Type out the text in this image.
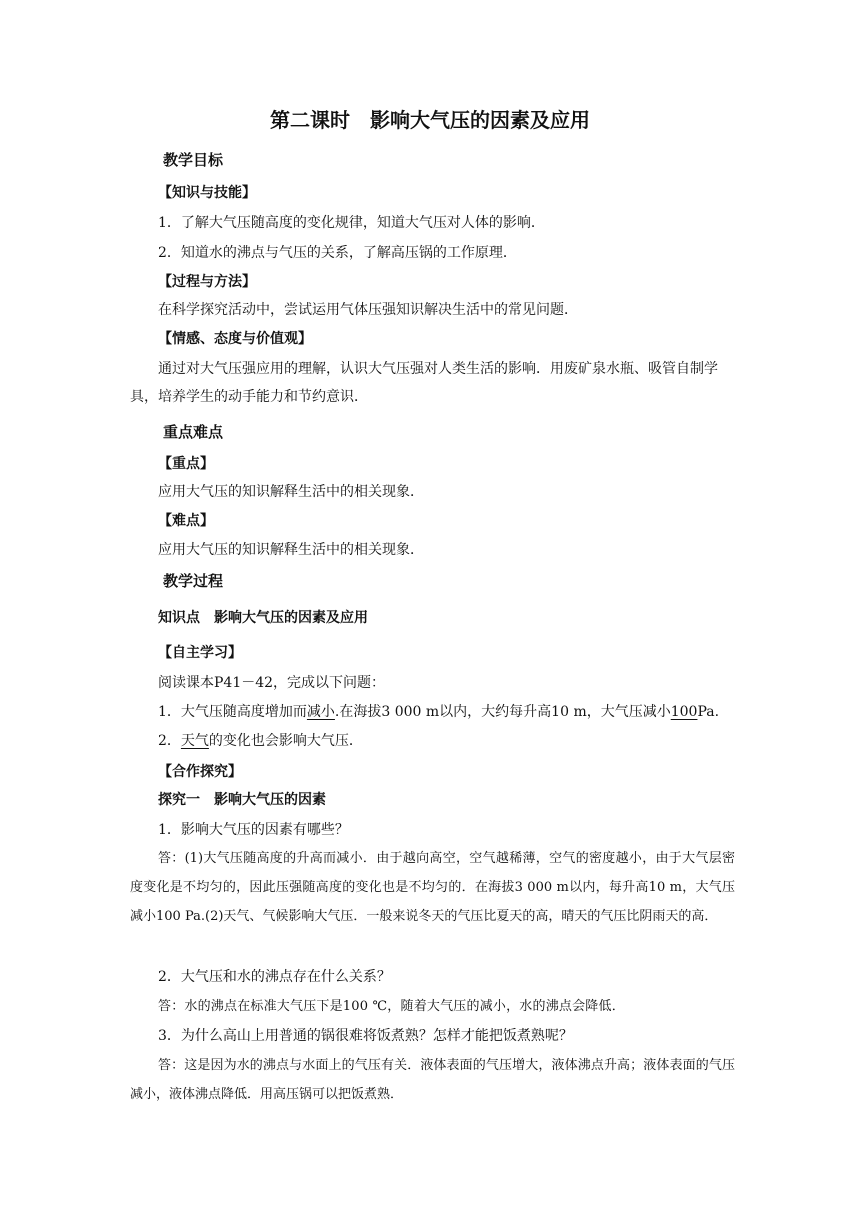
第二课时　影响大气压的因素及应用
教学目标
【知识与技能】
1．了解大气压随高度的变化规律，知道大气压对人体的影响．
2．知道水的沸点与气压的关系，了解高压锅的工作原理．
【过程与方法】
在科学探究活动中，尝试运用气体压强知识解决生活中的常见问题．
【情感、态度与价值观】
通过对大气压强应用的理解，认识大气压强对人类生活的影响．用废矿泉水瓶、吸管自制学具，培养学生的动手能力和节约意识．
重点难点
【重点】
应用大气压的知识解释生活中的相关现象．
【难点】
应用大气压的知识解释生活中的相关现象．
教学过程
知识点　影响大气压的因素及应用
【自主学习】
阅读课本P41－42，完成以下问题：
1．大气压随高度增加而减小.在海拔3 000 m以内，大约每升高10 m，大气压减小100Pa.
2．天气的变化也会影响大气压．
【合作探究】
探究一　影响大气压的因素
1．影响大气压的因素有哪些？
答：(1)大气压随高度的升高而减小．由于越向高空，空气越稀薄，空气的密度越小，由于大气层密度变化是不均匀的，因此压强随高度的变化也是不均匀的．在海拔3 000 m以内，每升高10 m，大气压减小100 Pa.(2)天气、气候影响大气压．一般来说冬天的气压比夏天的高，晴天的气压比阴雨天的高．
2．大气压和水的沸点存在什么关系？
答：水的沸点在标准大气压下是100 ℃，随着大气压的减小，水的沸点会降低．
3．为什么高山上用普通的锅很难将饭煮熟？怎样才能把饭煮熟呢？
答：这是因为水的沸点与水面上的气压有关．液体表面的气压增大，液体沸点升高；液体表面的气压减小，液体沸点降低．用高压锅可以把饭煮熟．
